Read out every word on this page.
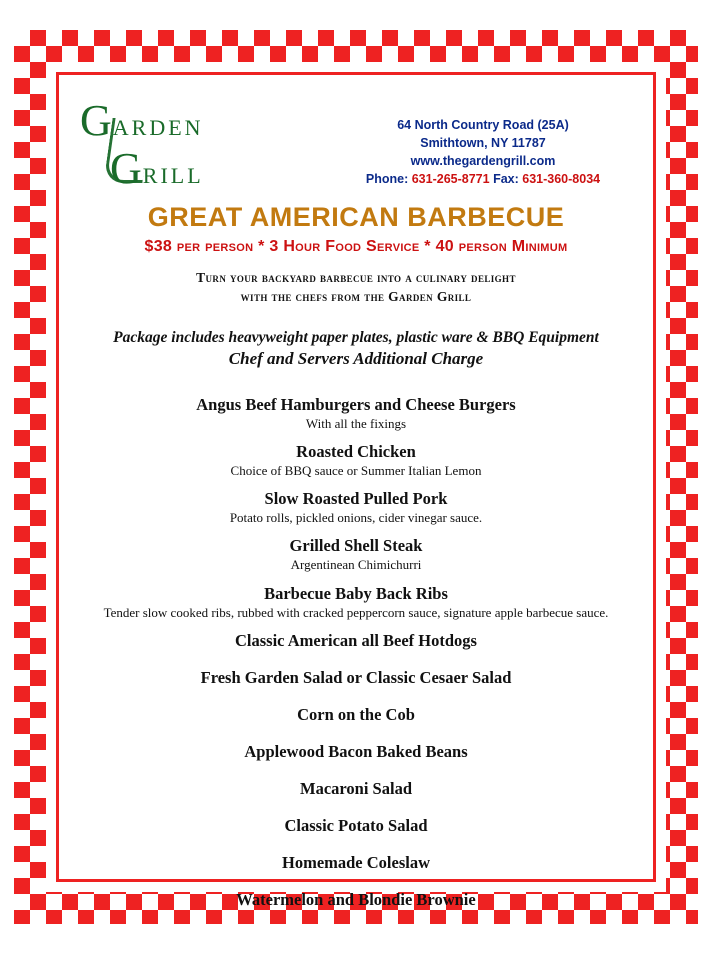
Garden
Grill
64 North Country Road (25A)
Smithtown, NY 11787
www.thegardengrill.com
Phone: 631-265-8771 Fax: 631-360-8034
GREAT AMERICAN BARBECUE
$38 per person * 3 Hour Food Service * 40 person Minimum
Turn your backyard barbecue into a culinary delight
with the chefs from the Garden Grill
Package includes heavyweight paper plates, plastic ware & BBQ Equipment
Chef and Servers Additional Charge
Angus Beef Hamburgers and Cheese Burgers
With all the fixings
Roasted Chicken
Choice of BBQ sauce or Summer Italian Lemon
Slow Roasted Pulled Pork
Potato rolls, pickled onions, cider vinegar sauce.
Grilled Shell Steak
Argentinean Chimichurri
Barbecue Baby Back Ribs
Tender slow cooked ribs, rubbed with cracked peppercorn sauce, signature apple barbecue sauce.
Classic American all Beef Hotdogs
Fresh Garden Salad or Classic Cesaer Salad
Corn on the Cob
Applewood Bacon Baked Beans
Macaroni Salad
Classic Potato Salad
Homemade Coleslaw
Watermelon and Blondie Brownie
